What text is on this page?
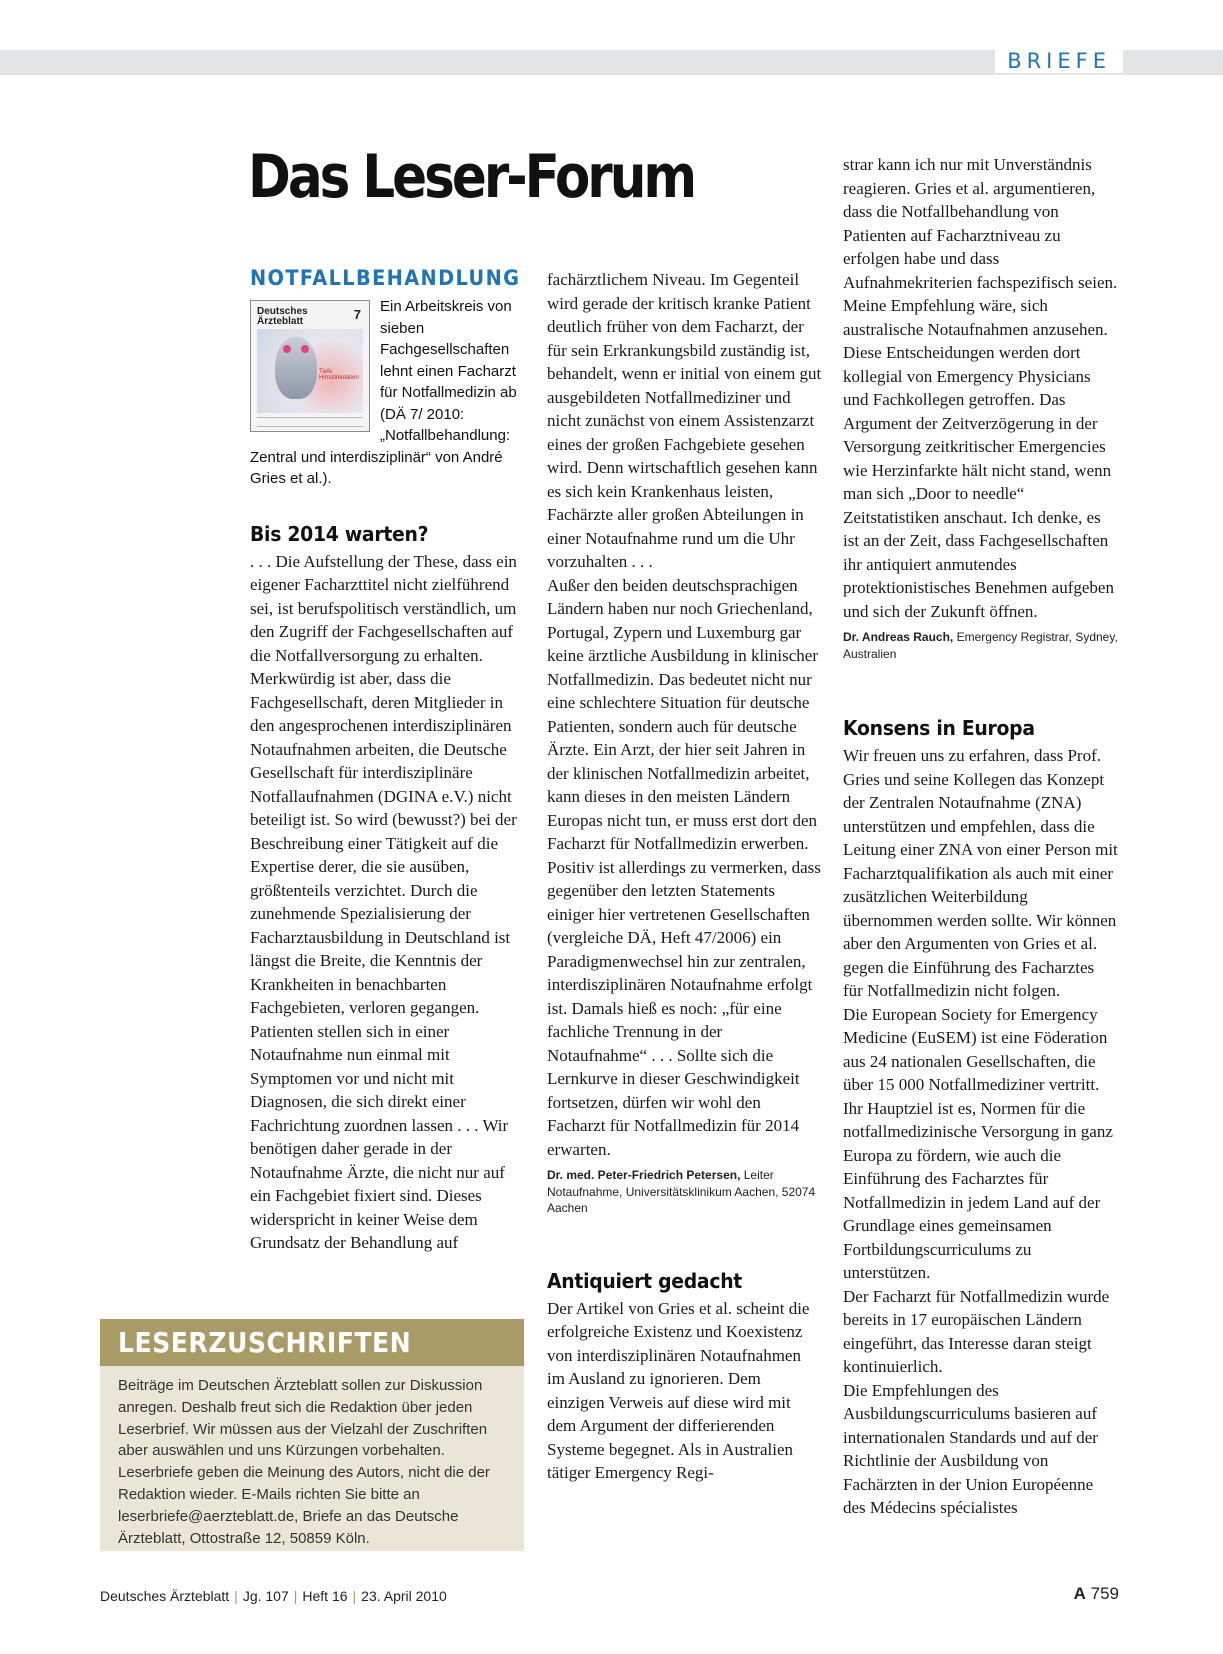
BRIEFE
Das Leser-Forum
NOTFALLBEHANDLUNG
Deutsches Ärzteblatt	7
Tiefe Hirnstimulation

Ein Arbeitskreis von sieben Fachgesellschaften lehnt einen Facharzt für Notfallmedizin ab (DÄ 7/ 2010: „Notfallbehandlung: Zentral und interdisziplinär“ von André Gries et al.).

Bis 2014 warten?

. . . Die Aufstellung der These, dass ein eigener Facharzttitel nicht zielführend sei, ist berufspolitisch verständlich, um den Zugriff der Fachgesellschaften auf die Notfallversorgung zu erhalten. Merkwürdig ist aber, dass die Fachgesellschaft, deren Mitglieder in den angesprochenen interdisziplinären Notaufnahmen arbeiten, die Deutsche Gesellschaft für interdisziplinäre Notfallaufnahmen (DGINA e.V.) nicht beteiligt ist. So wird (bewusst?) bei der Beschreibung einer Tätigkeit auf die Expertise derer, die sie ausüben, größtenteils verzichtet. Durch die zunehmende Spezialisierung der Facharztausbildung in Deutschland ist längst die Breite, die Kenntnis der Krankheiten in benachbarten Fachgebieten, verloren gegangen. Patienten stellen sich in einer Notaufnahme nun einmal mit Symptomen vor und nicht mit Diagnosen, die sich direkt einer Fachrichtung zuordnen lassen . . . Wir benötigen daher gerade in der Notaufnahme Ärzte, die nicht nur auf ein Fachgebiet fixiert sind. Dieses widerspricht in keiner Weise dem Grundsatz der Behandlung auf

fachärztlichem Niveau. Im Gegenteil wird gerade der kritisch kranke Patient deutlich früher von dem Facharzt, der für sein Erkrankungsbild zuständig ist, behandelt, wenn er initial von einem gut ausgebildeten Notfallmediziner und nicht zunächst von einem Assistenzarzt eines der großen Fachgebiete gesehen wird. Denn wirtschaftlich gesehen kann es sich kein Krankenhaus leisten, Fachärzte aller großen Abteilungen in einer Notaufnahme rund um die Uhr vorzuhalten . . .

Außer den beiden deutschsprachigen Ländern haben nur noch Griechenland, Portugal, Zypern und Luxemburg gar keine ärztliche Ausbildung in klinischer Notfallmedizin. Das bedeutet nicht nur eine schlechtere Situation für deutsche Patienten, sondern auch für deutsche Ärzte. Ein Arzt, der hier seit Jahren in der klinischen Notfallmedizin arbeitet, kann dieses in den meisten Ländern Europas nicht tun, er muss erst dort den Facharzt für Notfallmedizin erwerben. Positiv ist allerdings zu vermerken, dass gegenüber den letzten Statements einiger hier vertretenen Gesellschaften (vergleiche DÄ, Heft 47/2006) ein Paradigmenwechsel hin zur zentralen, interdisziplinären Notaufnahme erfolgt ist. Damals hieß es noch: „für eine fachliche Trennung in der Notaufnahme“ . . . Sollte sich die Lernkurve in dieser Geschwindigkeit fortsetzen, dürfen wir wohl den Facharzt für Notfallmedizin für 2014 erwarten.

Dr. med. Peter-Friedrich Petersen, Leiter Notaufnahme, Universitätsklinikum Aachen, 52074 Aachen

Antiquiert gedacht

Der Artikel von Gries et al. scheint die erfolgreiche Existenz und Koexistenz von interdisziplinären Notaufnahmen im Ausland zu ignorieren. Dem einzigen Verweis auf diese wird mit dem Argument der differierenden Systeme begegnet. Als in Australien tätiger Emergency Regi-

strar kann ich nur mit Unverständnis reagieren. Gries et al. argumentieren, dass die Notfallbehandlung von Patienten auf Facharztniveau zu erfolgen habe und dass Aufnahmekriterien fachspezifisch seien. Meine Empfehlung wäre, sich australische Notaufnahmen anzusehen. Diese Entscheidungen werden dort kollegial von Emergency Physicians und Fachkollegen getroffen. Das Argument der Zeitverzögerung in der Versorgung zeitkritischer Emergencies wie Herzinfarkte hält nicht stand, wenn man sich „Door to needle“ Zeitstatistiken anschaut. Ich denke, es ist an der Zeit, dass Fachgesellschaften ihr antiquiert anmutendes protektionistisches Benehmen aufgeben und sich der Zukunft öffnen.

Dr. Andreas Rauch, Emergency Registrar, Sydney, Australien

Konsens in Europa

Wir freuen uns zu erfahren, dass Prof. Gries und seine Kollegen das Konzept der Zentralen Notaufnahme (ZNA) unterstützen und empfehlen, dass die Leitung einer ZNA von einer Person mit Facharztqualifikation als auch mit einer zusätzlichen Weiterbildung übernommen werden sollte. Wir können aber den Argumenten von Gries et al. gegen die Einführung des Facharztes für Notfallmedizin nicht folgen.

Die European Society for Emergency Medicine (EuSEM) ist eine Föderation aus 24 nationalen Gesellschaften, die über 15 000 Notfallmediziner vertritt. Ihr Hauptziel ist es, Normen für die notfallmedizinische Versorgung in ganz Europa zu fördern, wie auch die Einführung des Facharztes für Notfallmedizin in jedem Land auf der Grundlage eines gemeinsamen Fortbildungscurriculums zu unterstützen.

Der Facharzt für Notfallmedizin wurde bereits in 17 europäischen Ländern eingeführt, das Interesse daran steigt kontinuierlich.

Die Empfehlungen des Ausbildungscurriculums basieren auf internationalen Standards und auf der Richtlinie der Ausbildung von Fachärzten in der Union Européenne des Médecins spécialistes

LESERZUSCHRIFTEN

Beiträge im Deutschen Ärzteblatt sollen zur Diskussion anregen. Deshalb freut sich die Redaktion über jeden Leserbrief. Wir müssen aus der Vielzahl der Zuschriften aber auswählen und uns Kürzungen vorbehalten. Leserbriefe geben die Meinung des Autors, nicht die der Redaktion wieder. E-Mails richten Sie bitte an leserbriefe@aerzteblatt.de, Briefe an das Deutsche Ärzteblatt, Ottostraße 12, 50859 Köln.

Deutsches Ärzteblatt | Jg. 107 | Heft 16 | 23. April 2010	A 759
